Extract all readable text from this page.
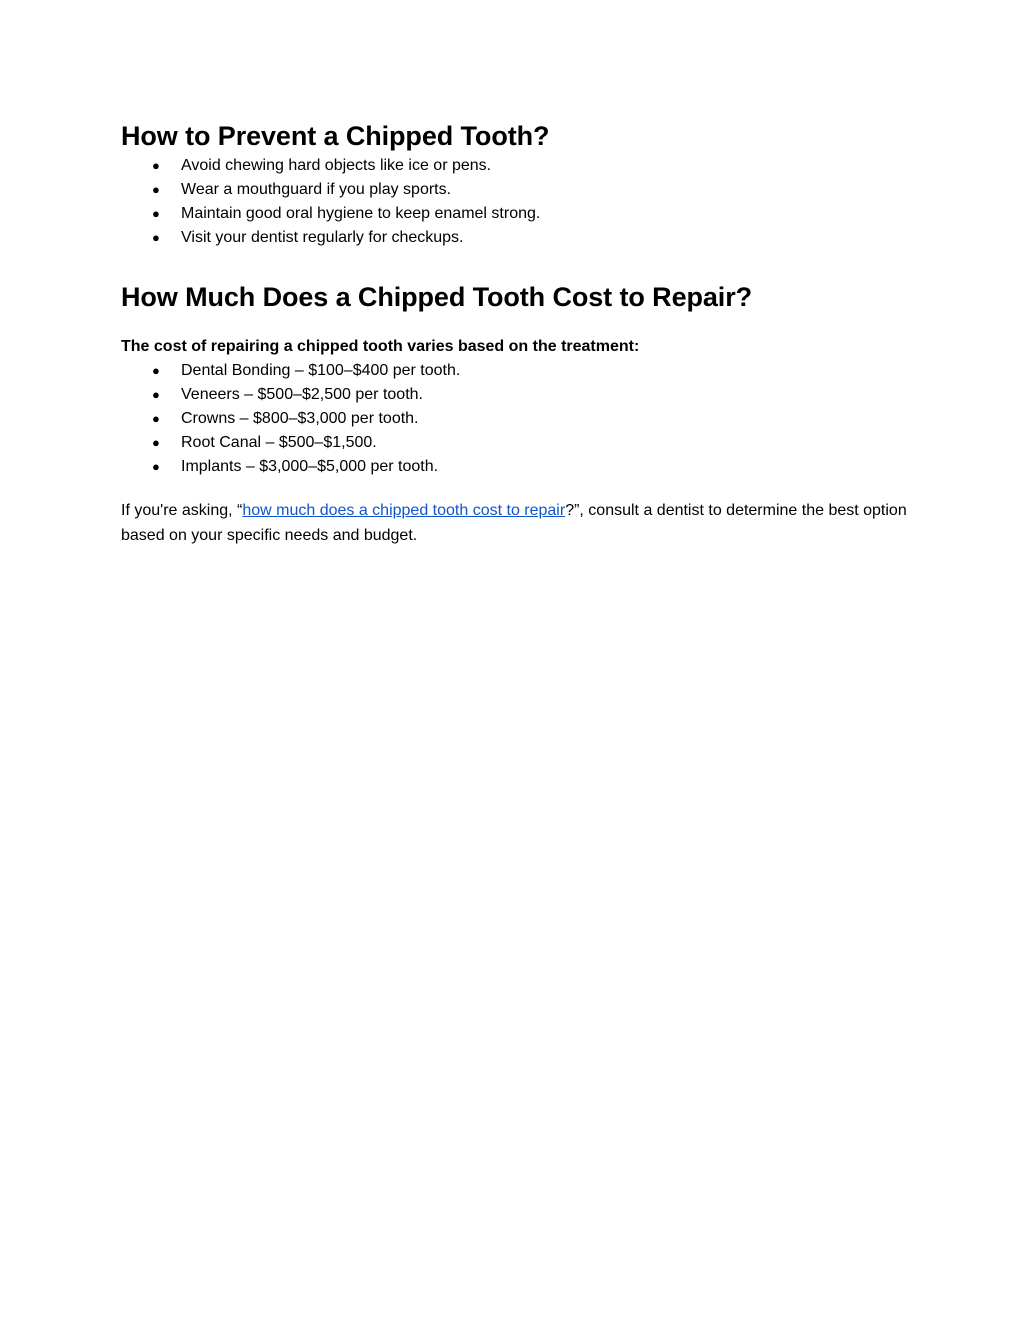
How to Prevent a Chipped Tooth?
● Avoid chewing hard objects like ice or pens.
● Wear a mouthguard if you play sports.
● Maintain good oral hygiene to keep enamel strong.
● Visit your dentist regularly for checkups.
How Much Does a Chipped Tooth Cost to Repair?

The cost of repairing a chipped tooth varies based on the treatment:

● Dental Bonding – $100–$400 per tooth.
● Veneers – $500–$2,500 per tooth.
● Crowns – $800–$3,000 per tooth.
● Root Canal – $500–$1,500.
● Implants – $3,000–$5,000 per tooth.

If you're asking, “how much does a chipped tooth cost to repair?”, consult a dentist to determine the best option based on your specific needs and budget.
